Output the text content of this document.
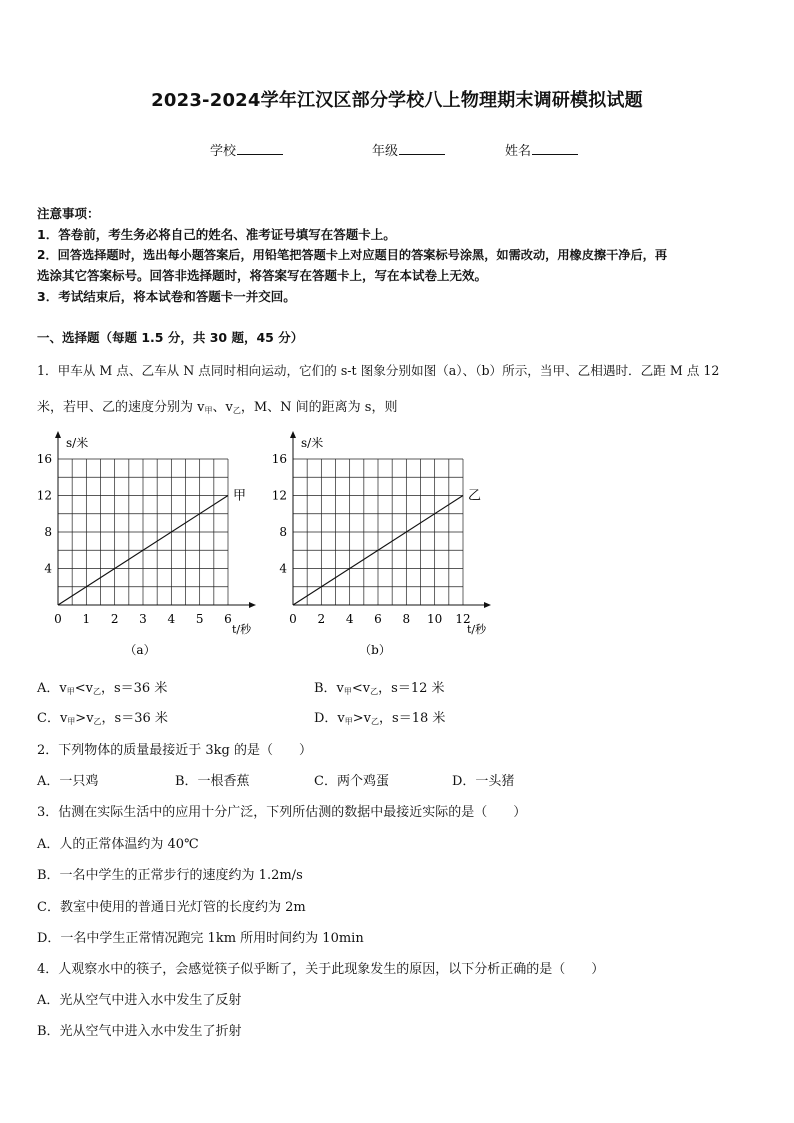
2023-2024学年江汉区部分学校八上物理期末调研模拟试题
学校	年级	姓名
注意事项：
1．答卷前，考生务必将自己的姓名、准考证号填写在答题卡上。
2．回答选择题时，选出每小题答案后，用铅笔把答题卡上对应题目的答案标号涂黑，如需改动，用橡皮擦干净后，再
选涂其它答案标号。回答非选择题时，将答案写在答题卡上，写在本试卷上无效。
3．考试结束后，将本试卷和答题卡一并交回。
一、选择题（每题 1.5 分，共 30 题，45 分）
1．甲车从 M 点、乙车从 N 点同时相向运动，它们的 s-t 图象分别如图（a）、（b）所示，当甲、乙相遇时．乙距 M 点 12
米，若甲、乙的速度分别为 $v_甲$、$v_乙$，M、N 间的距离为 s，则
0 1 2 3 4 5 6
4
8
12
16
s/米
t/秒
甲
（a）
0 2 4 6 8 10 12
4
8
12
16
s/米
t/秒
乙
（b）
A．$v_甲<v_乙$，s＝36 米	B．$v_甲<v_乙$，s＝12 米
C．$v_甲>v_乙$，s＝36 米	D．$v_甲>v_乙$，s＝18 米
2．下列物体的质量最接近于 3kg 的是（　　）
A．一只鸡	B．一根香蕉	C．两个鸡蛋	D．一头猪
3．估测在实际生活中的应用十分广泛，下列所估测的数据中最接近实际的是（　　）
A．人的正常体温约为 40℃
B．一名中学生的正常步行的速度约为 1.2m/s
C．教室中使用的普通日光灯管的长度约为 2m
D．一名中学生正常情况跑完 1km 所用时间约为 10min
4．人观察水中的筷子，会感觉筷子似乎断了，关于此现象发生的原因，以下分析正确的是（　　）
A．光从空气中进入水中发生了反射
B．光从空气中进入水中发生了折射
